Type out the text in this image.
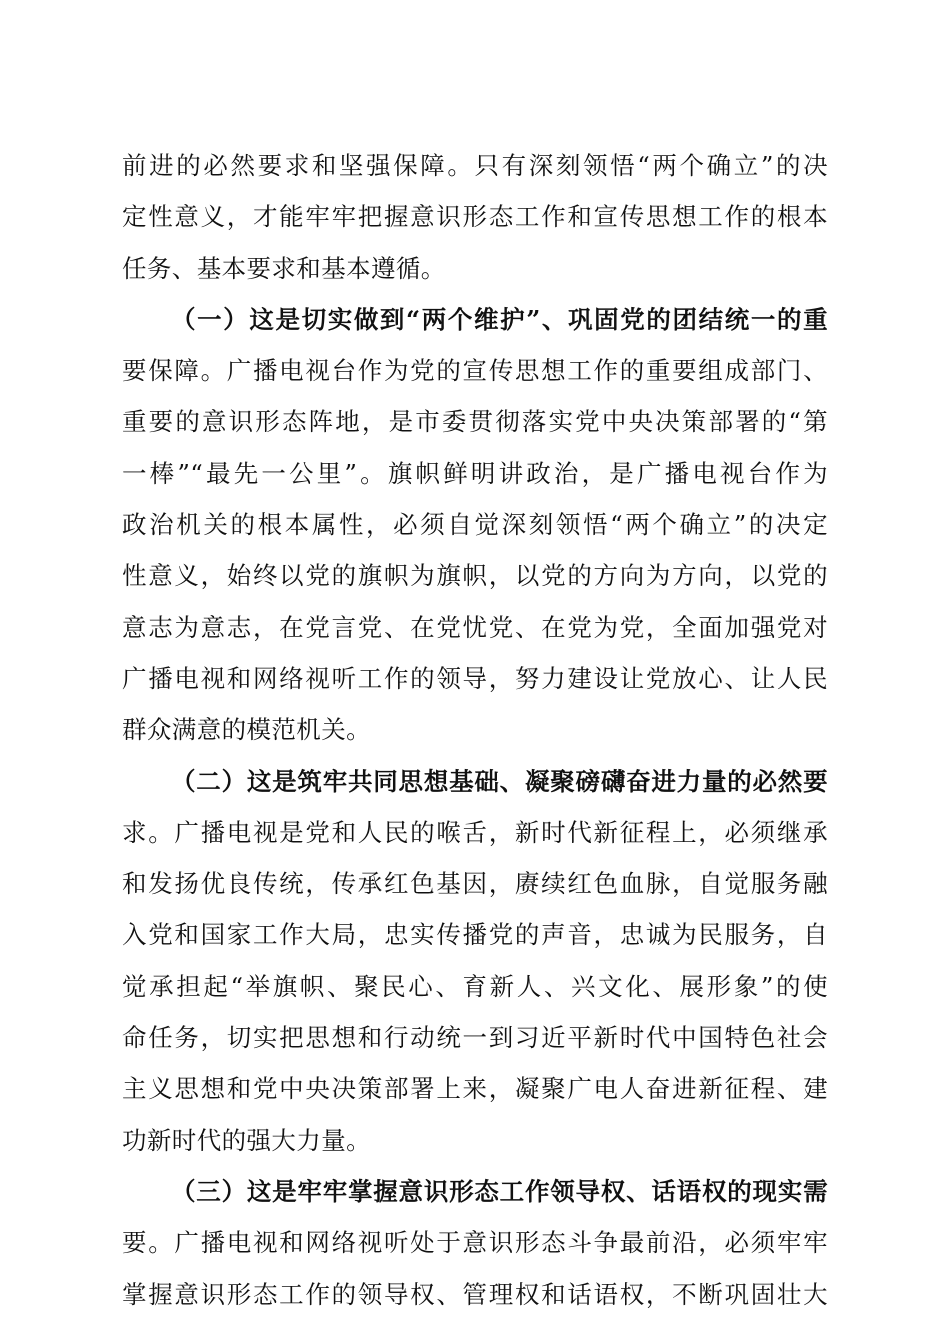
前进的必然要求和坚强保障。只有深刻领悟“两个确立”的决
定性意义，才能牢牢把握意识形态工作和宣传思想工作的根本
任务、基本要求和基本遵循。

（一）这是切实做到“两个维护”、巩固党的团结统一的重
要保障。广播电视台作为党的宣传思想工作的重要组成部门、
重要的意识形态阵地，是市委贯彻落实党中央决策部署的“第
一棒”“最先一公里”。旗帜鲜明讲政治，是广播电视台作为
政治机关的根本属性，必须自觉深刻领悟“两个确立”的决定
性意义，始终以党的旗帜为旗帜，以党的方向为方向，以党的
意志为意志，在党言党、在党忧党、在党为党，全面加强党对
广播电视和网络视听工作的领导，努力建设让党放心、让人民
群众满意的模范机关。

（二）这是筑牢共同思想基础、凝聚磅礴奋进力量的必然要
求。广播电视是党和人民的喉舌，新时代新征程上，必须继承
和发扬优良传统，传承红色基因，赓续红色血脉，自觉服务融
入党和国家工作大局，忠实传播党的声音，忠诚为民服务，自
觉承担起“举旗帜、聚民心、育新人、兴文化、展形象”的使
命任务，切实把思想和行动统一到习近平新时代中国特色社会
主义思想和党中央决策部署上来，凝聚广电人奋进新征程、建
功新时代的强大力量。

（三）这是牢牢掌握意识形态工作领导权、话语权的现实需
要。广播电视和网络视听处于意识形态斗争最前沿，必须牢牢
掌握意识形态工作的领导权、管理权和话语权，不断巩固壮大
